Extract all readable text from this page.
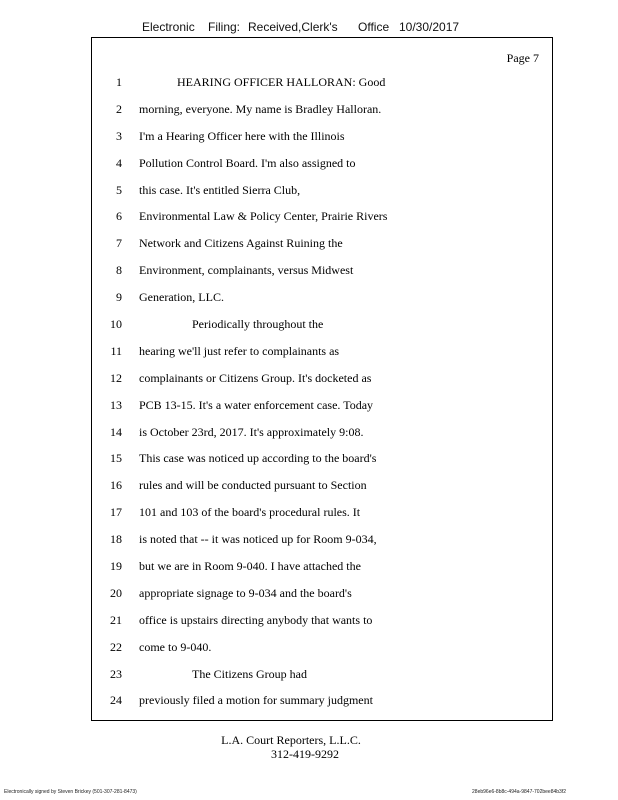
Electronic Filing: Received,Clerk's Office 10/30/2017
Page 7
1	HEARING OFFICER HALLORAN: Good
2 morning, everyone. My name is Bradley Halloran.
3 I'm a Hearing Officer here with the Illinois
4 Pollution Control Board. I'm also assigned to
5 this case. It's entitled Sierra Club,
6 Environmental Law & Policy Center, Prairie Rivers
7 Network and Citizens Against Ruining the
8 Environment, complainants, versus Midwest
9 Generation, LLC.
10	Periodically throughout the
11 hearing we'll just refer to complainants as
12 complainants or Citizens Group. It's docketed as
13 PCB 13-15. It's a water enforcement case. Today
14 is October 23rd, 2017. It's approximately 9:08.
15 This case was noticed up according to the board's
16 rules and will be conducted pursuant to Section
17 101 and 103 of the board's procedural rules. It
18 is noted that -- it was noticed up for Room 9-034,
19 but we are in Room 9-040. I have attached the
20 appropriate signage to 9-034 and the board's
21 office is upstairs directing anybody that wants to
22 come to 9-040.
23	The Citizens Group had
24 previously filed a motion for summary judgment
L.A. Court Reporters, L.L.C.
312-419-9292
Electronically signed by Steven Brickey (501-307-281-8473)	28eb96e6-8b8c-494a-9847-702bee84b3f2
